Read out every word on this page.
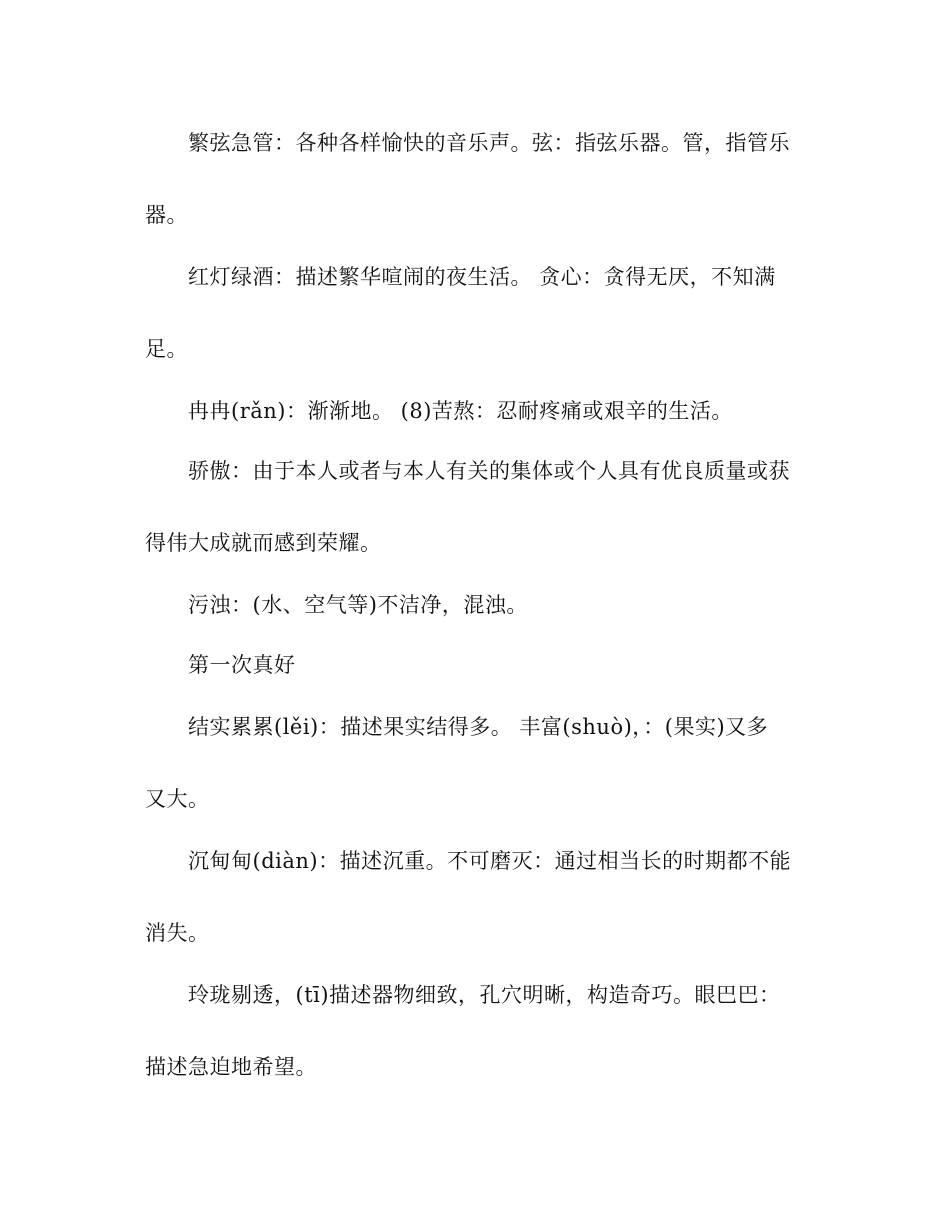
繁弦急管：各种各样愉快的音乐声。弦：指弦乐器。管，指管乐
器。
红灯绿酒：描述繁华喧闹的夜生活。 贪心：贪得无厌，不知满
足。
冉冉(rǎn)：渐渐地。 (8)苦熬：忍耐疼痛或艰辛的生活。
骄傲：由于本人或者与本人有关的集体或个人具有优良质量或获
得伟大成就而感到荣耀。
污浊：(水、空气等)不洁净，混浊。
第一次真好
结实累累(lěi)：描述果实结得多。 丰富(shuò)，：(果实)又多
又大。
沉甸甸(diàn)：描述沉重。不可磨灭：通过相当长的时期都不能
消失。
玲珑剔透，(tī)描述器物细致，孔穴明晰，构造奇巧。眼巴巴：
描述急迫地希望。
